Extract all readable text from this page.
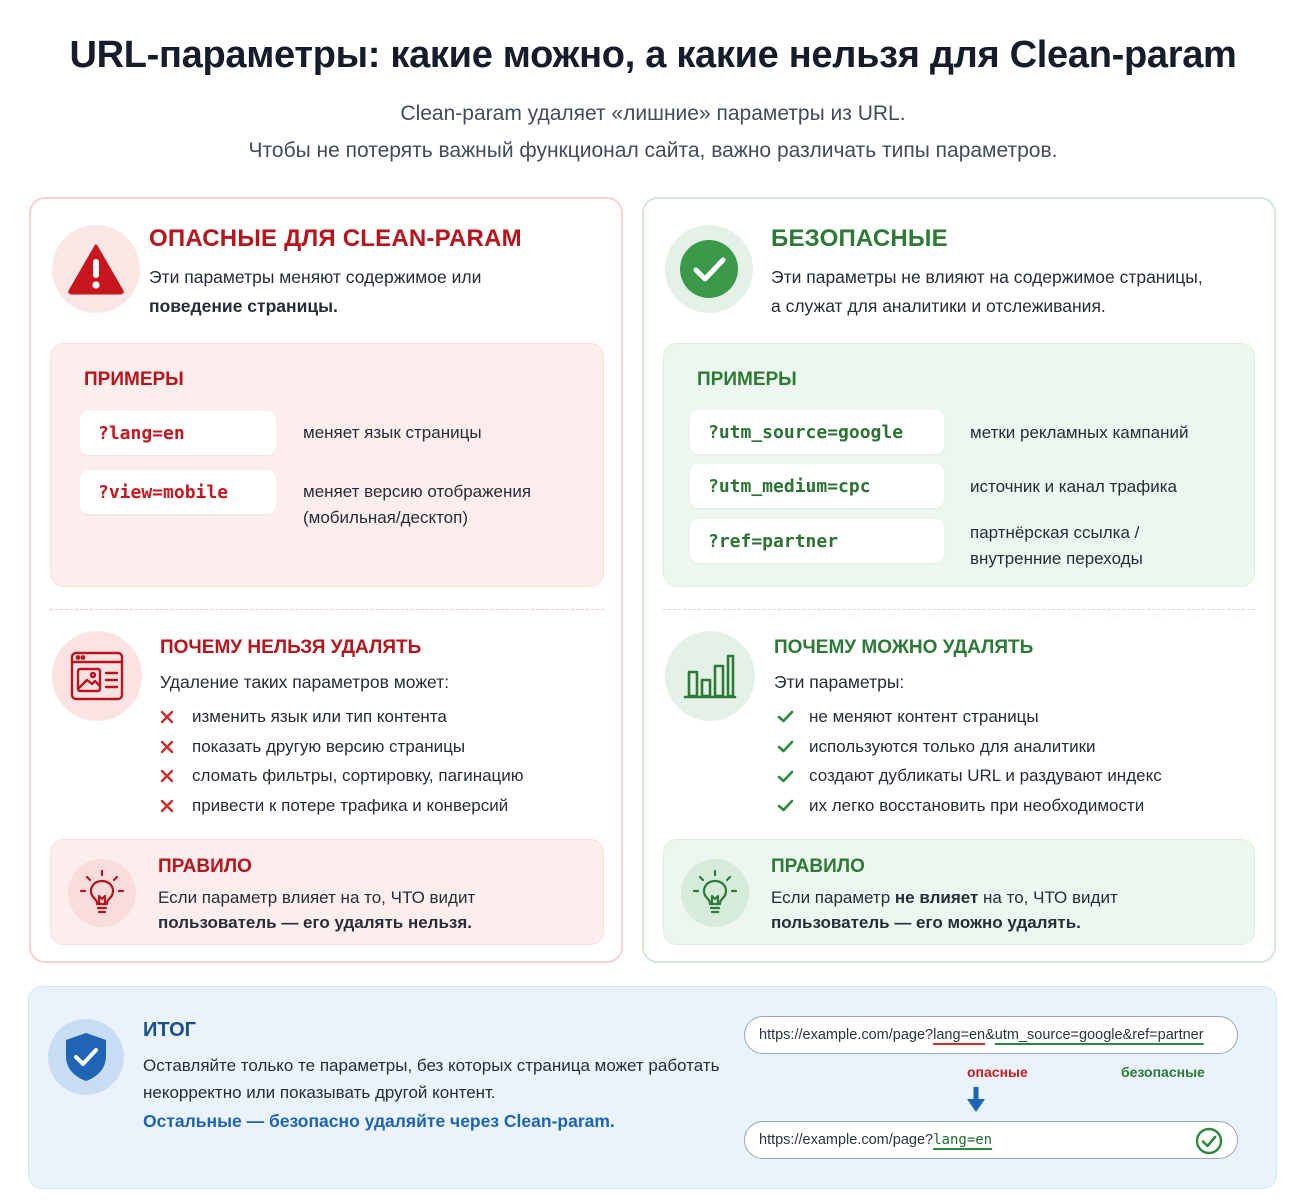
URL-параметры: какие можно, а какие нельзя для Clean-param
Clean-param удаляет «лишние» параметры из URL.
Чтобы не потерять важный функционал сайта, важно различать типы параметров.
ОПАСНЫЕ ДЛЯ CLEAN-PARAM
Эти параметры меняют содержимое или
поведение страницы.
ПРИМЕРЫ
?lang=en	меняет язык страницы
?view=mobile	меняет версию отображения
(мобильная/десктоп)
ПОЧЕМУ НЕЛЬЗЯ УДАЛЯТЬ
Удаление таких параметров может:
изменить язык или тип контента
показать другую версию страницы
сломать фильтры, сортировку, пагинацию
привести к потере трафика и конверсий
ПРАВИЛО
Если параметр влияет на то, ЧТО видит
пользователь — его удалять нельзя.
БЕЗОПАСНЫЕ
Эти параметры не влияют на содержимое страницы,
а служат для аналитики и отслеживания.
ПРИМЕРЫ
?utm_source=google	метки рекламных кампаний
?utm_medium=cpc	источник и канал трафика
?ref=partner	партнёрская ссылка /
внутренние переходы
ПОЧЕМУ МОЖНО УДАЛЯТЬ
Эти параметры:
не меняют контент страницы
используются только для аналитики
создают дубликаты URL и раздувают индекс
их легко восстановить при необходимости
ПРАВИЛО
Если параметр не влияет на то, ЧТО видит
пользователь — его можно удалять.
ИТОГ
Оставляйте только те параметры, без которых страница может работать
некорректно или показывать другой контент.
Остальные — безопасно удаляйте через Clean-param.
https://example.com/page? lang=en & utm_source=google&ref=partner
опасные	безопасные
https://example.com/page? lang=en
